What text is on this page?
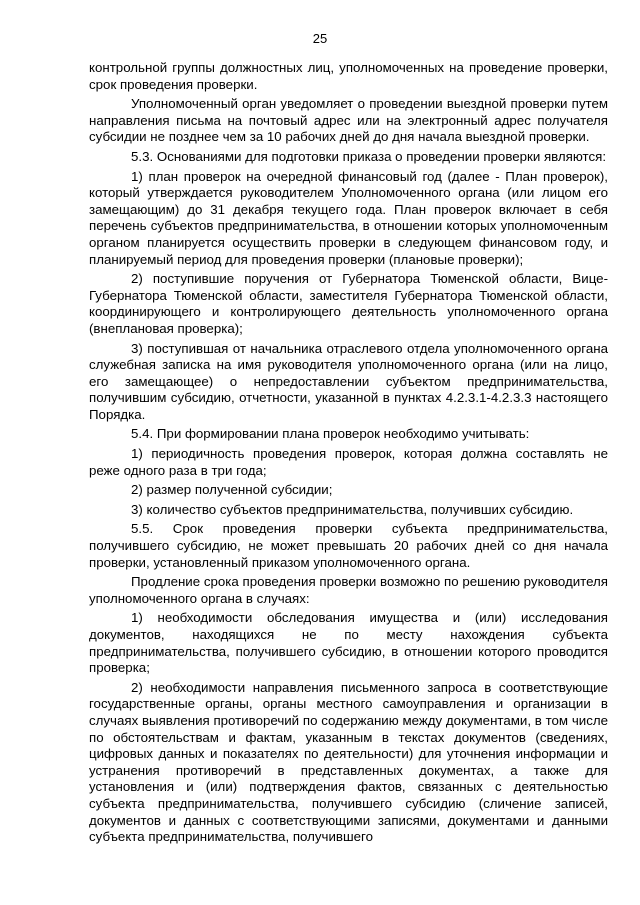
25

контрольной группы должностных лиц, уполномоченных на проведение проверки, срок проведения проверки.

Уполномоченный орган уведомляет о проведении выездной проверки путем направления письма на почтовый адрес или на электронный адрес получателя субсидии не позднее чем за 10 рабочих дней до дня начала выездной проверки.

5.3. Основаниями для подготовки приказа о проведении проверки являются:

1) план проверок на очередной финансовый год (далее - План проверок), который утверждается руководителем Уполномоченного органа (или лицом его замещающим) до 31 декабря текущего года. План проверок включает в себя перечень субъектов предпринимательства, в отношении которых уполномоченным органом планируется осуществить проверки в следующем финансовом году, и планируемый период для проведения проверки (плановые проверки);

2) поступившие поручения от Губернатора Тюменской области, Вице-Губернатора Тюменской области, заместителя Губернатора Тюменской области, координирующего и контролирующего деятельность уполномоченного органа (внеплановая проверка);

3) поступившая от начальника отраслевого отдела уполномоченного органа служебная записка на имя руководителя уполномоченного органа (или на лицо, его замещающее) о непредоставлении субъектом предпринимательства, получившим субсидию, отчетности, указанной в пунктах 4.2.3.1-4.2.3.3 настоящего Порядка.

5.4. При формировании плана проверок необходимо учитывать:

1) периодичность проведения проверок, которая должна составлять не реже одного раза в три года;

2) размер полученной субсидии;

3) количество субъектов предпринимательства, получивших субсидию.

5.5. Срок проведения проверки субъекта предпринимательства, получившего субсидию, не может превышать 20 рабочих дней со дня начала проверки, установленный приказом уполномоченного органа.

Продление срока проведения проверки возможно по решению руководителя уполномоченного органа в случаях:

1) необходимости обследования имущества и (или) исследования документов, находящихся не по месту нахождения субъекта предпринимательства, получившего субсидию, в отношении которого проводится проверка;

2) необходимости направления письменного запроса в соответствующие государственные органы, органы местного самоуправления и организации в случаях выявления противоречий по содержанию между документами, в том числе по обстоятельствам и фактам, указанным в текстах документов (сведениях, цифровых данных и показателях по деятельности) для уточнения информации и устранения противоречий в представленных документах, а также для установления и (или) подтверждения фактов, связанных с деятельностью субъекта предпринимательства, получившего субсидию (сличение записей, документов и данных с соответствующими записями, документами и данными субъекта предпринимательства, получившего
